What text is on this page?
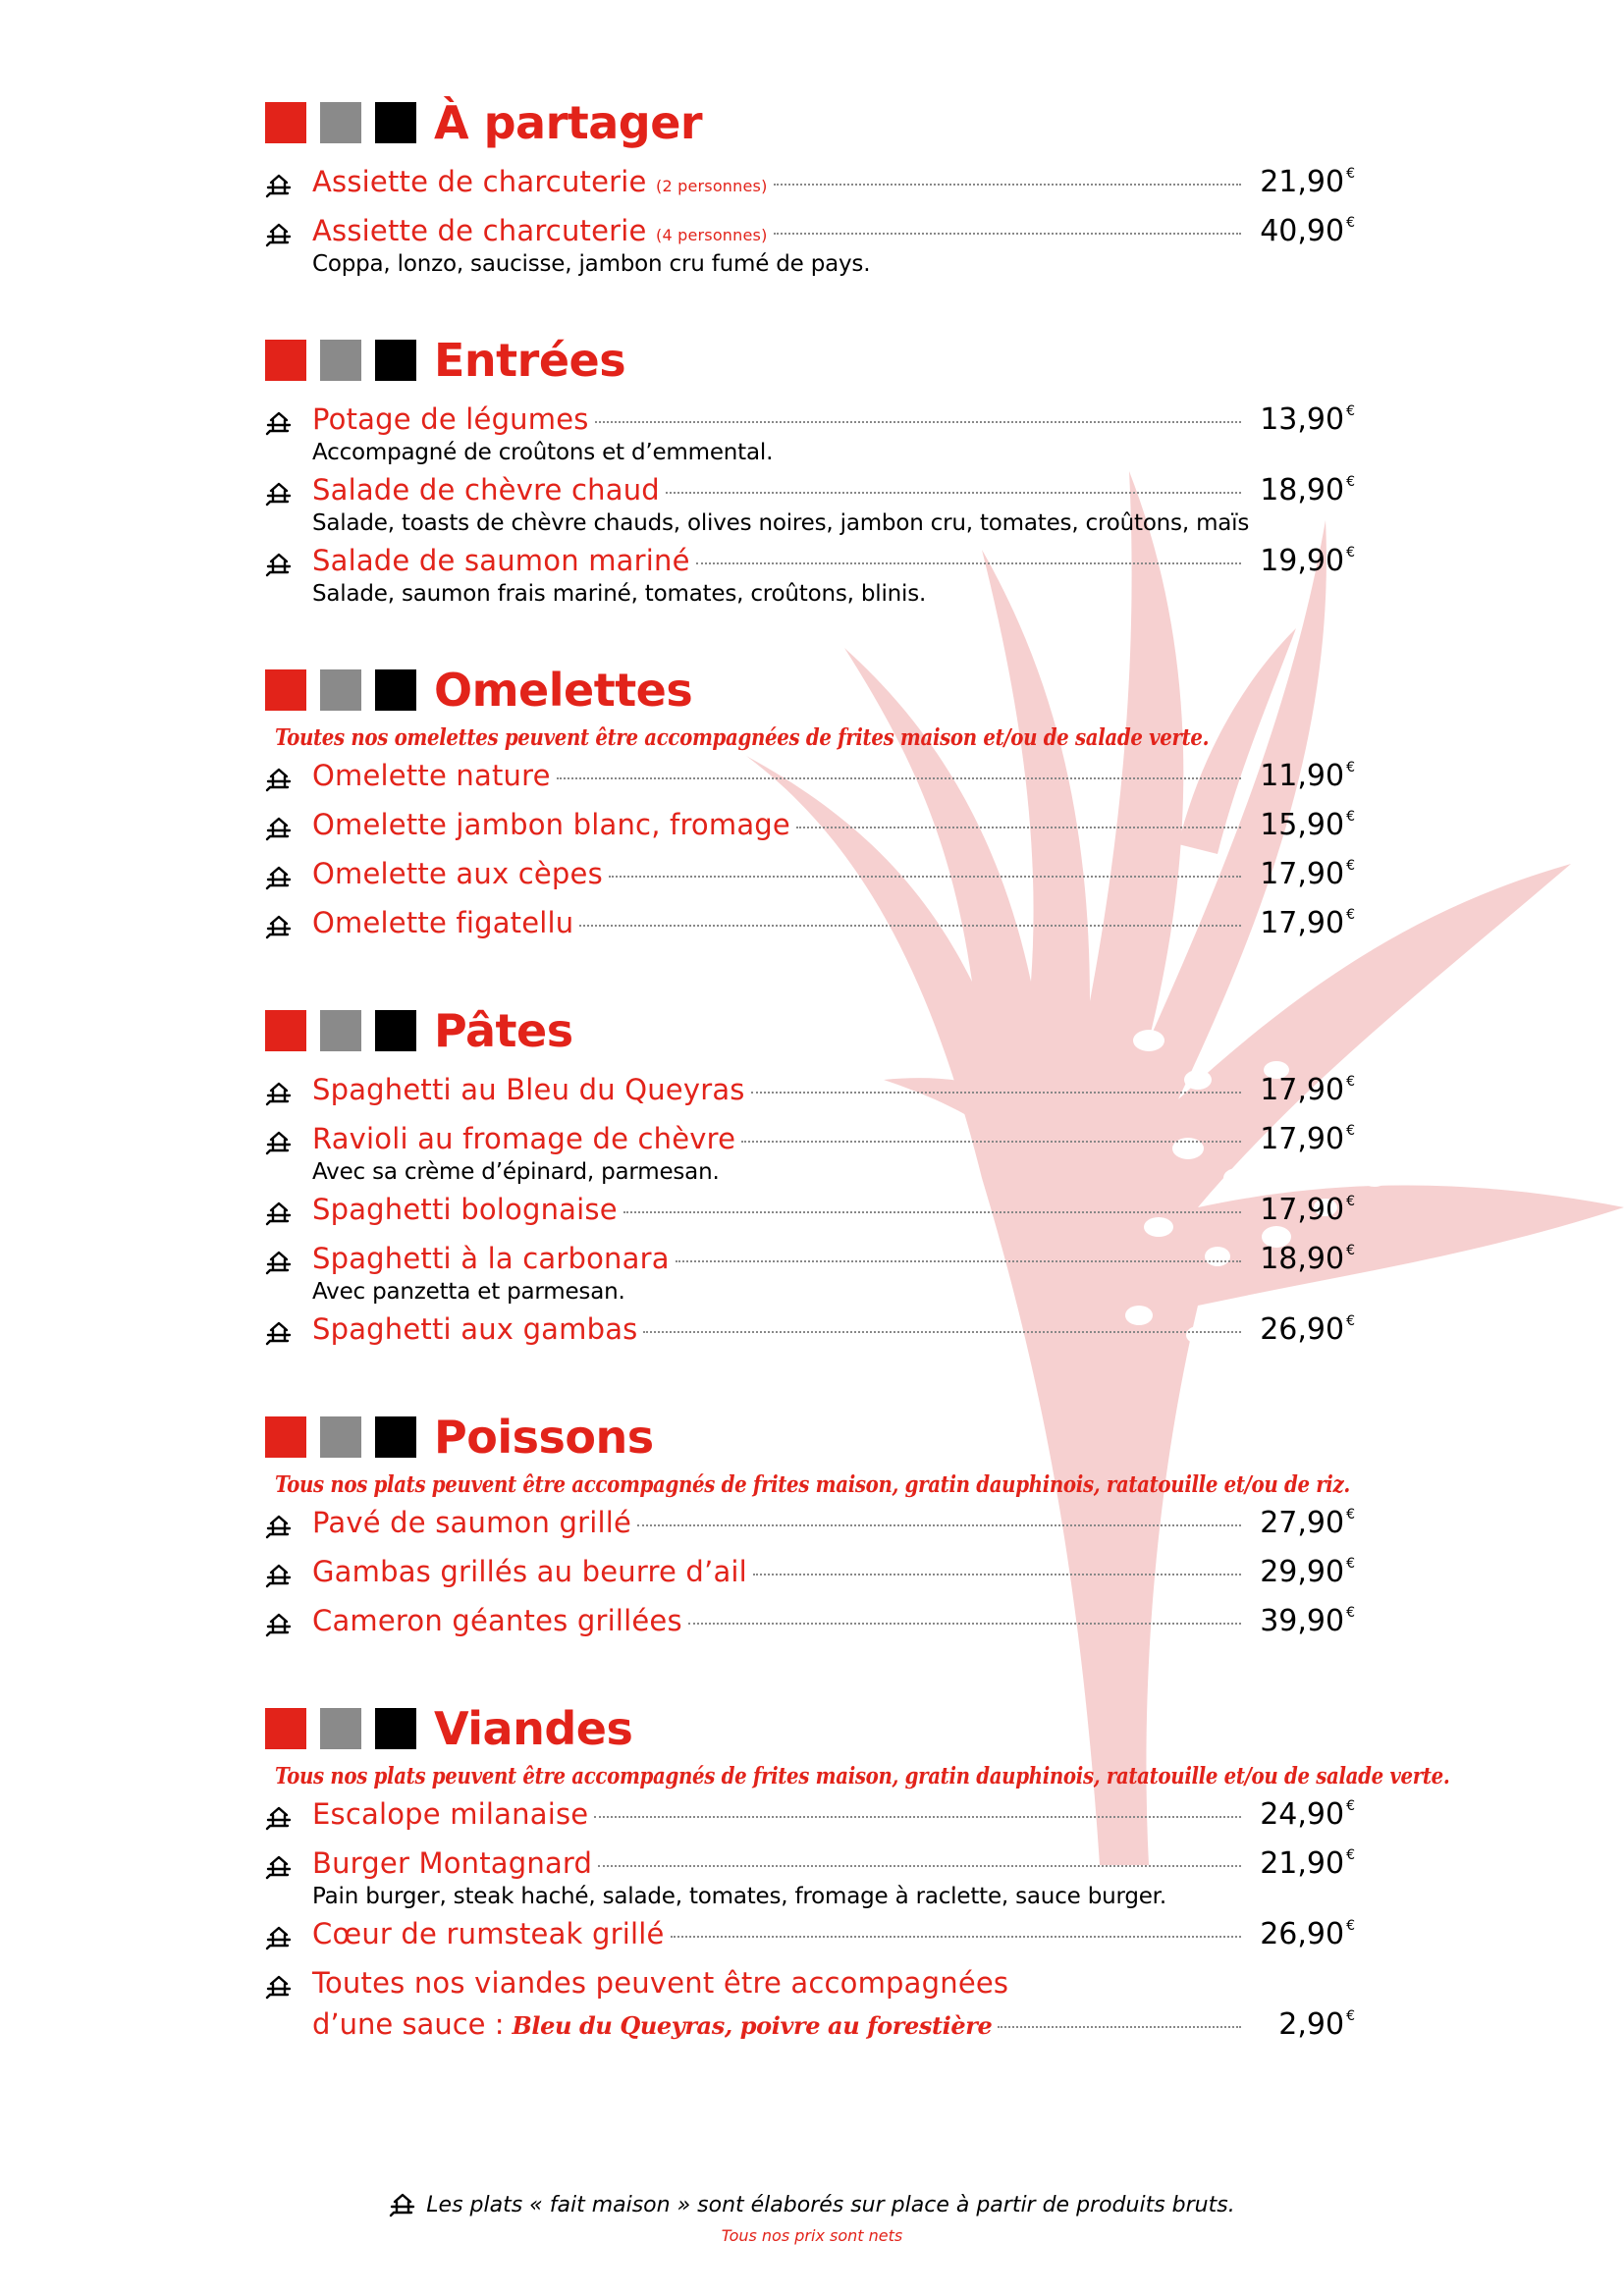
À partager
Assiette de charcuterie (2 personnes)	21,90 €
Assiette de charcuterie (4 personnes)	40,90 €
Coppa, lonzo, saucisse, jambon cru fumé de pays.
Entrées
Potage de légumes	13,90 €
Accompagné de croûtons et d’emmental.
Salade de chèvre chaud	18,90 €
Salade, toasts de chèvre chauds, olives noires, jambon cru, tomates, croûtons, maïs
Salade de saumon mariné	19,90 €
Salade, saumon frais mariné, tomates, croûtons, blinis.
Omelettes
Toutes nos omelettes peuvent être accompagnées de frites maison et/ou de salade verte.
Omelette nature	11,90 €
Omelette jambon blanc, fromage	15,90 €
Omelette aux cèpes	17,90 €
Omelette figatellu	17,90 €
Pâtes
Spaghetti au Bleu du Queyras	17,90 €
Ravioli au fromage de chèvre	17,90 €
Avec sa crème d’épinard, parmesan.
Spaghetti bolognaise	17,90 €
Spaghetti à la carbonara	18,90 €
Avec panzetta et parmesan.
Spaghetti aux gambas	26,90 €
Poissons
Tous nos plats peuvent être accompagnés de frites maison, gratin dauphinois, ratatouille et/ou de riz.
Pavé de saumon grillé	27,90 €
Gambas grillés au beurre d’ail	29,90 €
Cameron géantes grillées	39,90 €
Viandes
Tous nos plats peuvent être accompagnés de frites maison, gratin dauphinois, ratatouille et/ou de salade verte.
Escalope milanaise	24,90 €
Burger Montagnard	21,90 €
Pain burger, steak haché, salade, tomates, fromage à raclette, sauce burger.
Cœur de rumsteak grillé	26,90 €
Toutes nos viandes peuvent être accompagnées
d’une sauce : Bleu du Queyras, poivre au forestière	2,90 €
Les plats « fait maison » sont élaborés sur place à partir de produits bruts.
Tous nos prix sont nets
